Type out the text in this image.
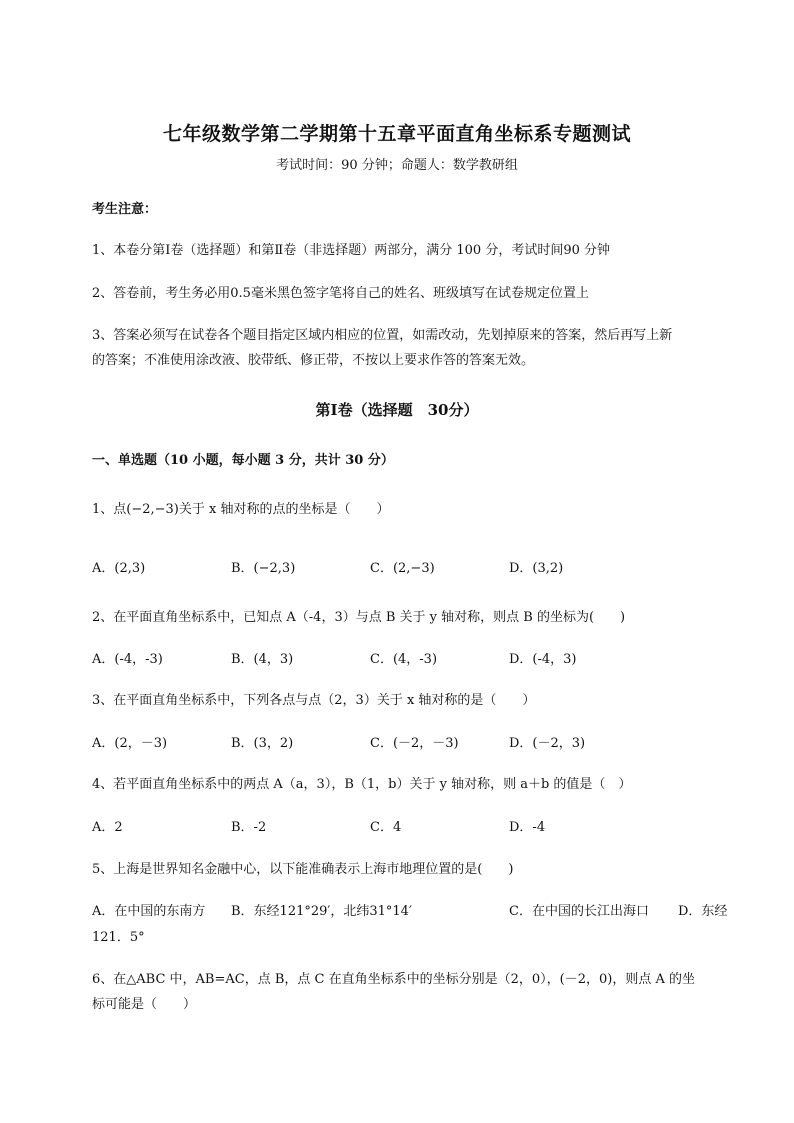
七年级数学第二学期第十五章平面直角坐标系专题测试
考试时间：90 分钟；命题人：数学教研组
考生注意：
1、本卷分第Ⅰ卷（选择题）和第Ⅱ卷（非选择题）两部分，满分 100 分，考试时间90 分钟
2、答卷前，考生务必用0.5毫米黑色签字笔将自己的姓名、班级填写在试卷规定位置上
3、答案必须写在试卷各个题目指定区域内相应的位置，如需改动，先划掉原来的答案，然后再写上新
的答案；不准使用涂改液、胶带纸、修正带，不按以上要求作答的答案无效。
第Ⅰ卷（选择题　30分）
一、单选题（10 小题，每小题 3 分，共计 30 分）
1、点(−2,−3)关于 x 轴对称的点的坐标是（　　）
A．(2,3)	B．(−2,3)	C．(2,−3)	D．(3,2)
2、在平面直角坐标系中，已知点 A（-4，3）与点 B 关于 y 轴对称，则点 B 的坐标为(　　)
A．(-4，-3)	B．(4，3)	C．(4，-3)	D．(-4，3)
3、在平面直角坐标系中，下列各点与点（2，3）关于 x 轴对称的是（　　）
A．(2，－3)	B．(3，2)	C．(－2，－3)	D．(－2，3)
4、若平面直角坐标系中的两点 A（a，3），B（1，b）关于 y 轴对称，则 a＋b 的值是（　）
A．2	B．-2	C．4	D．-4
5、上海是世界知名金融中心，以下能准确表示上海市地理位置的是(　　)
A．在中国的东南方 B．东经121°29′，北纬31°14′	C．在中国的长江出海口 D．东经
121．5°
6、在△ABC 中，AB=AC，点 B，点 C 在直角坐标系中的坐标分别是（2，0），(－2，0)，则点 A 的坐
标可能是（　　）
